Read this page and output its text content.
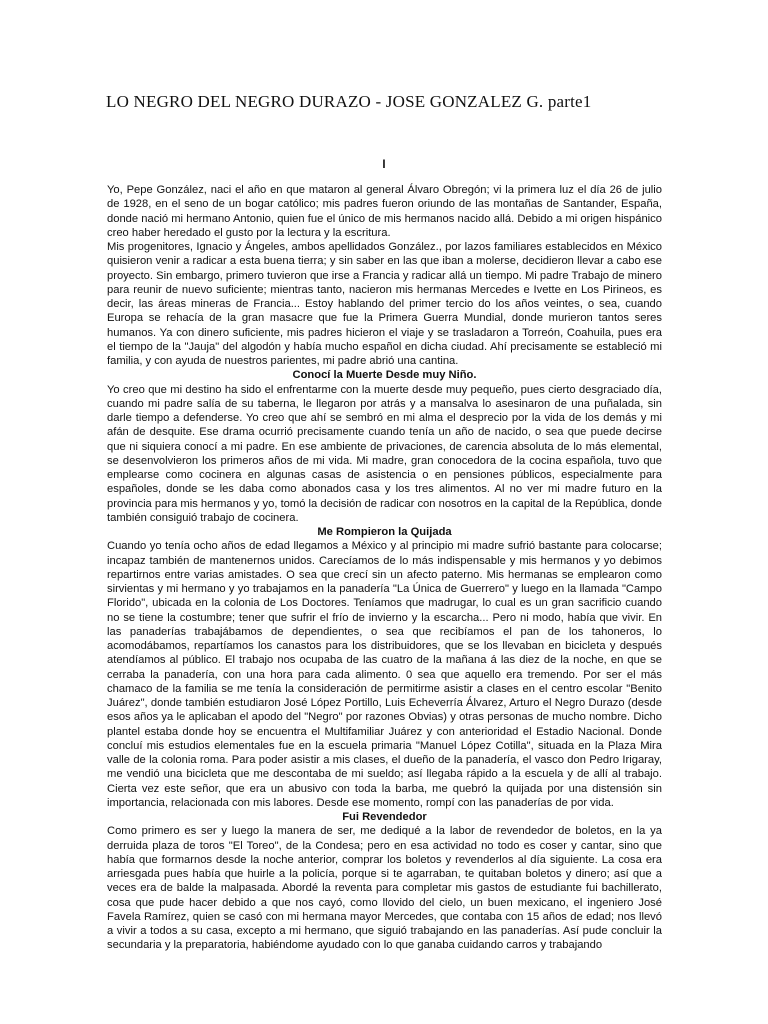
LO NEGRO DEL NEGRO DURAZO - JOSE GONZALEZ G. parte1
I

Yo, Pepe González, naci el año en que mataron al general Álvaro Obregón; vi la primera luz el día 26 de julio de 1928, en el seno de un bogar católico; mis padres fueron oriundo de las montañas de Santander, España, donde nació mi hermano Antonio, quien fue el único de mis hermanos nacido allá. Debido a mi origen hispánico creo haber heredado el gusto por la lectura y la escritura.

Mis progenitores, Ignacio y Ángeles, ambos apellidados González., por lazos familiares establecidos en México quisieron venir a radicar a esta buena tierra; y sin saber en las que iban a molerse, decidieron llevar a cabo ese proyecto. Sin embargo, primero tuvieron que irse a Francia y radicar allá un tiempo. Mi padre Trabajo de minero para reunir de nuevo suficiente; mientras tanto, nacieron mis hermanas Mercedes e Ivette en Los Pirineos, es decir, las áreas mineras de Francia... Estoy hablando del primer tercio do los años veintes, o sea, cuando Europa se rehacía de la gran masacre que fue la Primera Guerra Mundial, donde murieron tantos seres humanos. Ya con dinero suficiente, mis padres hicieron el viaje y se trasladaron a Torreón, Coahuila, pues era el tiempo de la "Jauja" del algodón y había mucho español en dicha ciudad. Ahí precisamente se estableció mi familia, y con ayuda de nuestros parientes, mi padre abrió una cantina.

Conocí la Muerte Desde muy Niño.

Yo creo que mi destino ha sido el enfrentarme con la muerte desde muy pequeño, pues cierto desgraciado día, cuando mi padre salía de su taberna, le llegaron por atrás y a mansalva lo asesinaron de una puñalada, sin darle tiempo a defenderse. Yo creo que ahí se sembró en mi alma el desprecio por la vida de los demás y mi afán de desquite. Ese drama ocurrió precisamente cuando tenía un año de nacido, o sea que puede decirse que ni siquiera conocí a mi padre. En ese ambiente de privaciones, de carencia absoluta de lo más elemental, se desenvolvieron los primeros años de mi vida. Mi madre, gran conocedora de la cocina española, tuvo que emplearse como cocinera en algunas casas de asistencia o en pensiones públicos, especialmente para españoles, donde se les daba como abonados casa y los tres alimentos. Al no ver mi madre futuro en la provincia para mis hermanos y yo, tomó la decisión de radicar con nosotros en la capital de la República, donde también consiguió trabajo de cocinera.

Me Rompieron la Quijada

Cuando yo tenía ocho años de edad llegamos a México y al principio mi madre sufrió bastante para colocarse; incapaz también de mantenernos unidos. Carecíamos de lo más indispensable y mis hermanos y yo debimos repartirnos entre varias amistades. O sea que crecí sin un afecto paterno. Mis hermanas se emplearon como sirvientas y mi hermano y yo trabajamos en la panadería "La Única de Guerrero" y luego en la llamada "Campo Florido", ubicada en la colonia de Los Doctores. Teníamos que madrugar, lo cual es un gran sacrificio cuando no se tiene la costumbre; tener que sufrir el frío de invierno y la escarcha... Pero ni modo, había que vivir. En las panaderías trabajábamos de dependientes, o sea que recibíamos el pan de los tahoneros, lo acomodábamos, repartíamos los canastos para los distribuidores, que se los llevaban en bicicleta y después atendíamos al público. El trabajo nos ocupaba de las cuatro de la mañana á las diez de la noche, en que se cerraba la panadería, con una hora para cada alimento. 0 sea que aquello era tremendo. Por ser el más chamaco de la familia se me tenía la consideración de permitirme asistir a clases en el centro escolar "Benito Juárez", donde también estudiaron José López Portillo, Luis Echeverría Álvarez, Arturo el Negro Durazo (desde esos años ya le aplicaban el apodo del "Negro" por razones Obvias) y otras personas de mucho nombre. Dicho plantel estaba donde hoy se encuentra el Multifamiliar Juárez y con anterioridad el Estadio Nacional. Donde concluí mis estudios elementales fue en la escuela primaria "Manuel López Cotilla", situada en la Plaza Mira valle de la colonia roma. Para poder asistir a mis clases, el dueño de la panadería, el vasco don Pedro Irigaray, me vendió una bicicleta que me descontaba de mi sueldo; así llegaba rápido a la escuela y de allí al trabajo. Cierta vez este señor, que era un abusivo con toda la barba, me quebró la quijada por una distensión sin importancia, relacionada con mis labores. Desde ese momento, rompí con las panaderías de por vida.

Fui Revendedor

Como primero es ser y luego la manera de ser, me dediqué a la labor de revendedor de boletos, en la ya derruida plaza de toros "El Toreo", de la Condesa; pero en esa actividad no todo es coser y cantar, sino que había que formarnos desde la noche anterior, comprar los boletos y revenderlos al día siguiente. La cosa era arriesgada pues había que huirle a la policía, porque si te agarraban, te quitaban boletos y dinero; así que a veces era de balde la malpasada. Abordé la reventa para completar mis gastos de estudiante fui bachillerato, cosa que pude hacer debido a que nos cayó, como llovido del cielo, un buen mexicano, el ingeniero José Favela Ramírez, quien se casó con mi hermana mayor Mercedes, que contaba con 15 años de edad; nos llevó a vivir a todos a su casa, excepto a mi hermano, que siguió trabajando en las panaderías. Así pude concluir la secundaria y la preparatoria, habiéndome ayudado con lo que ganaba cuidando carros y trabajando
